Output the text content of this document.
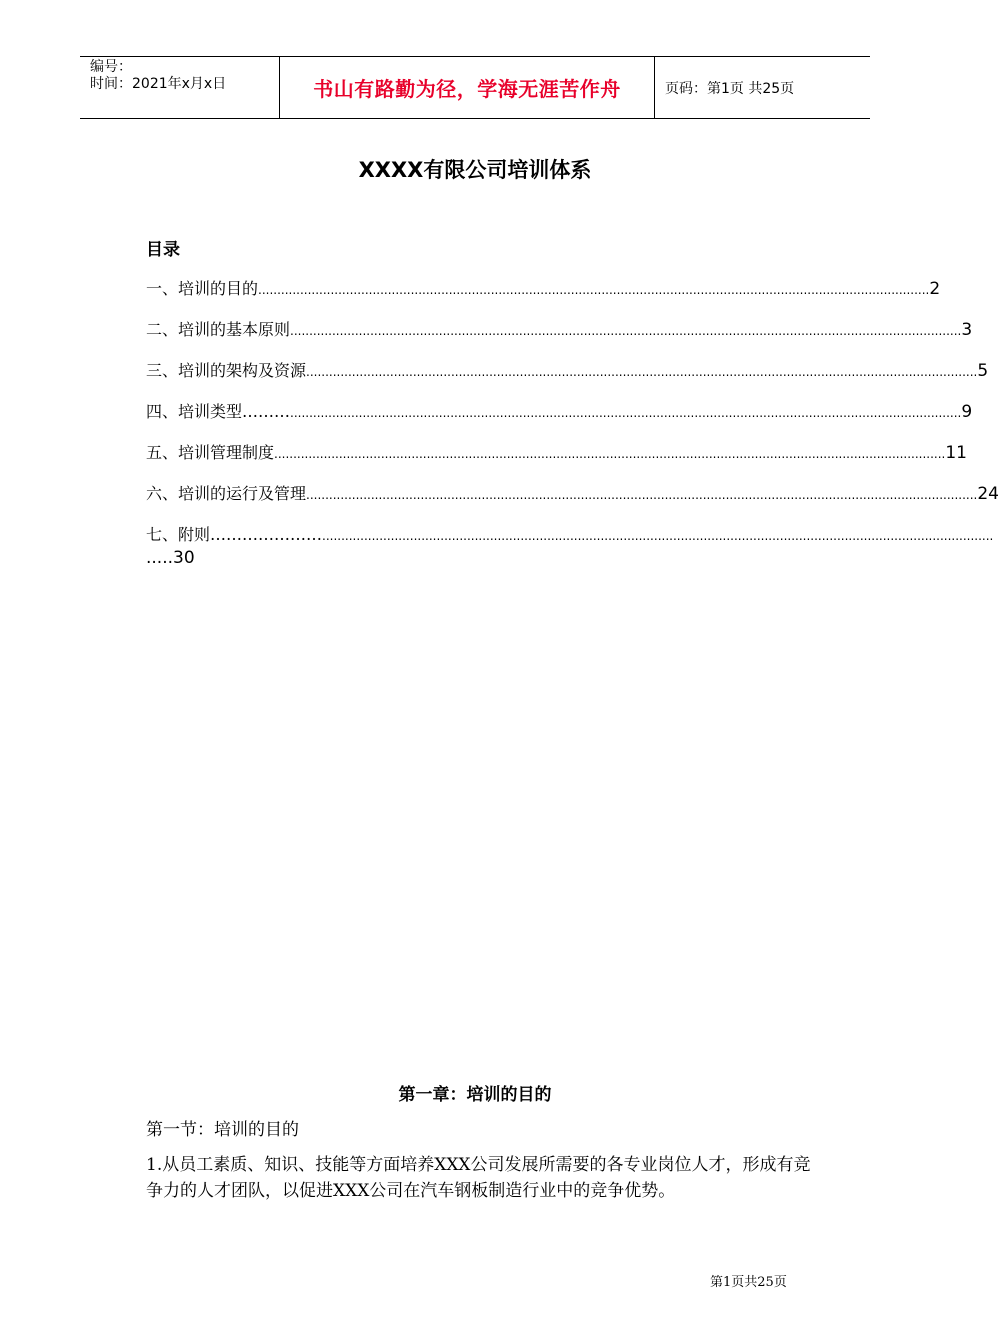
编号：
时间：2021年x月x日	书山有路勤为径，学海无涯苦作舟	页码：第1页 共25页
XXXX有限公司培训体系
目录
一、培训的目的 ................................................................................................................................................................................ 2
二、培训的基本原则 ................................................................................................................................................................................ 3
三、培训的架构及资源 ................................................................................................................................................................................ 5
四、培训类型……… ................................................................................................................................................................................ 9
五、培训管理制度 ................................................................................................................................................................................ 11
六、培训的运行及管理 ................................................................................................................................................................................ 24
七、附则………………… ................................................................................................................................................................................
.....30
第一章：培训的目的
第一节：培训的目的
1.从员工素质、知识、技能等方面培养XXX公司发展所需要的各专业岗位人才，形成有竞争力的人才团队，以促进XXX公司在汽车钢板制造行业中的竞争优势。
第1页共25页
